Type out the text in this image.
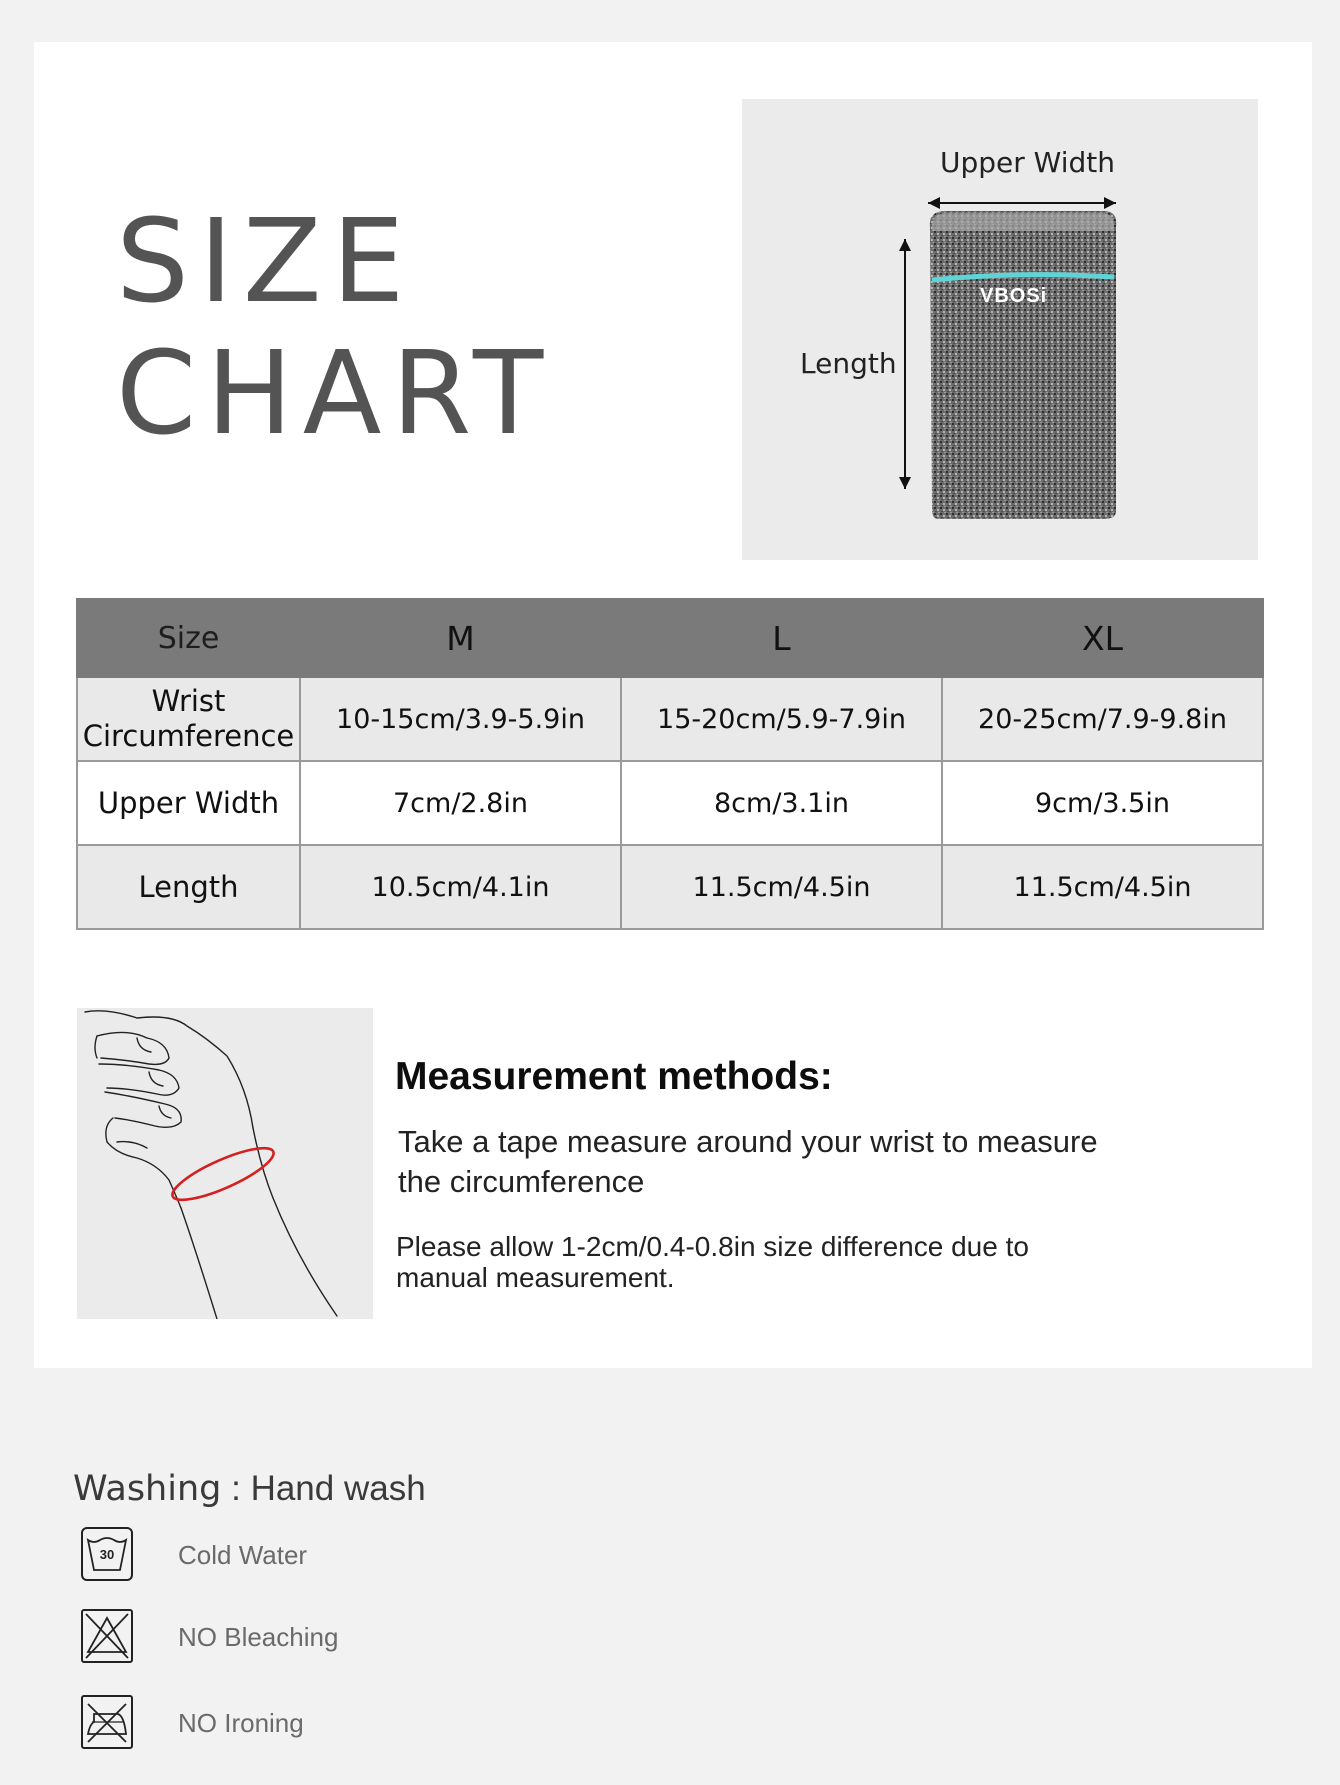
SIZE
CHART
VBOSi
Upper Width
Length
Size	M	L	XL

Wrist
Circumference	10-15cm/3.9-5.9in	15-20cm/5.9-7.9in	20-25cm/7.9-9.8in
Upper Width	7cm/2.8in	8cm/3.1in	9cm/3.5in
Length	10.5cm/4.1in	11.5cm/4.5in	11.5cm/4.5in
Measurement methods:
Take a tape measure around your wrist to measure the circumference
Please allow 1-2cm/0.4-0.8in size difference due to manual measurement.
Washing : Hand wash
30 Cold Water
NO Bleaching
NO Ironing
